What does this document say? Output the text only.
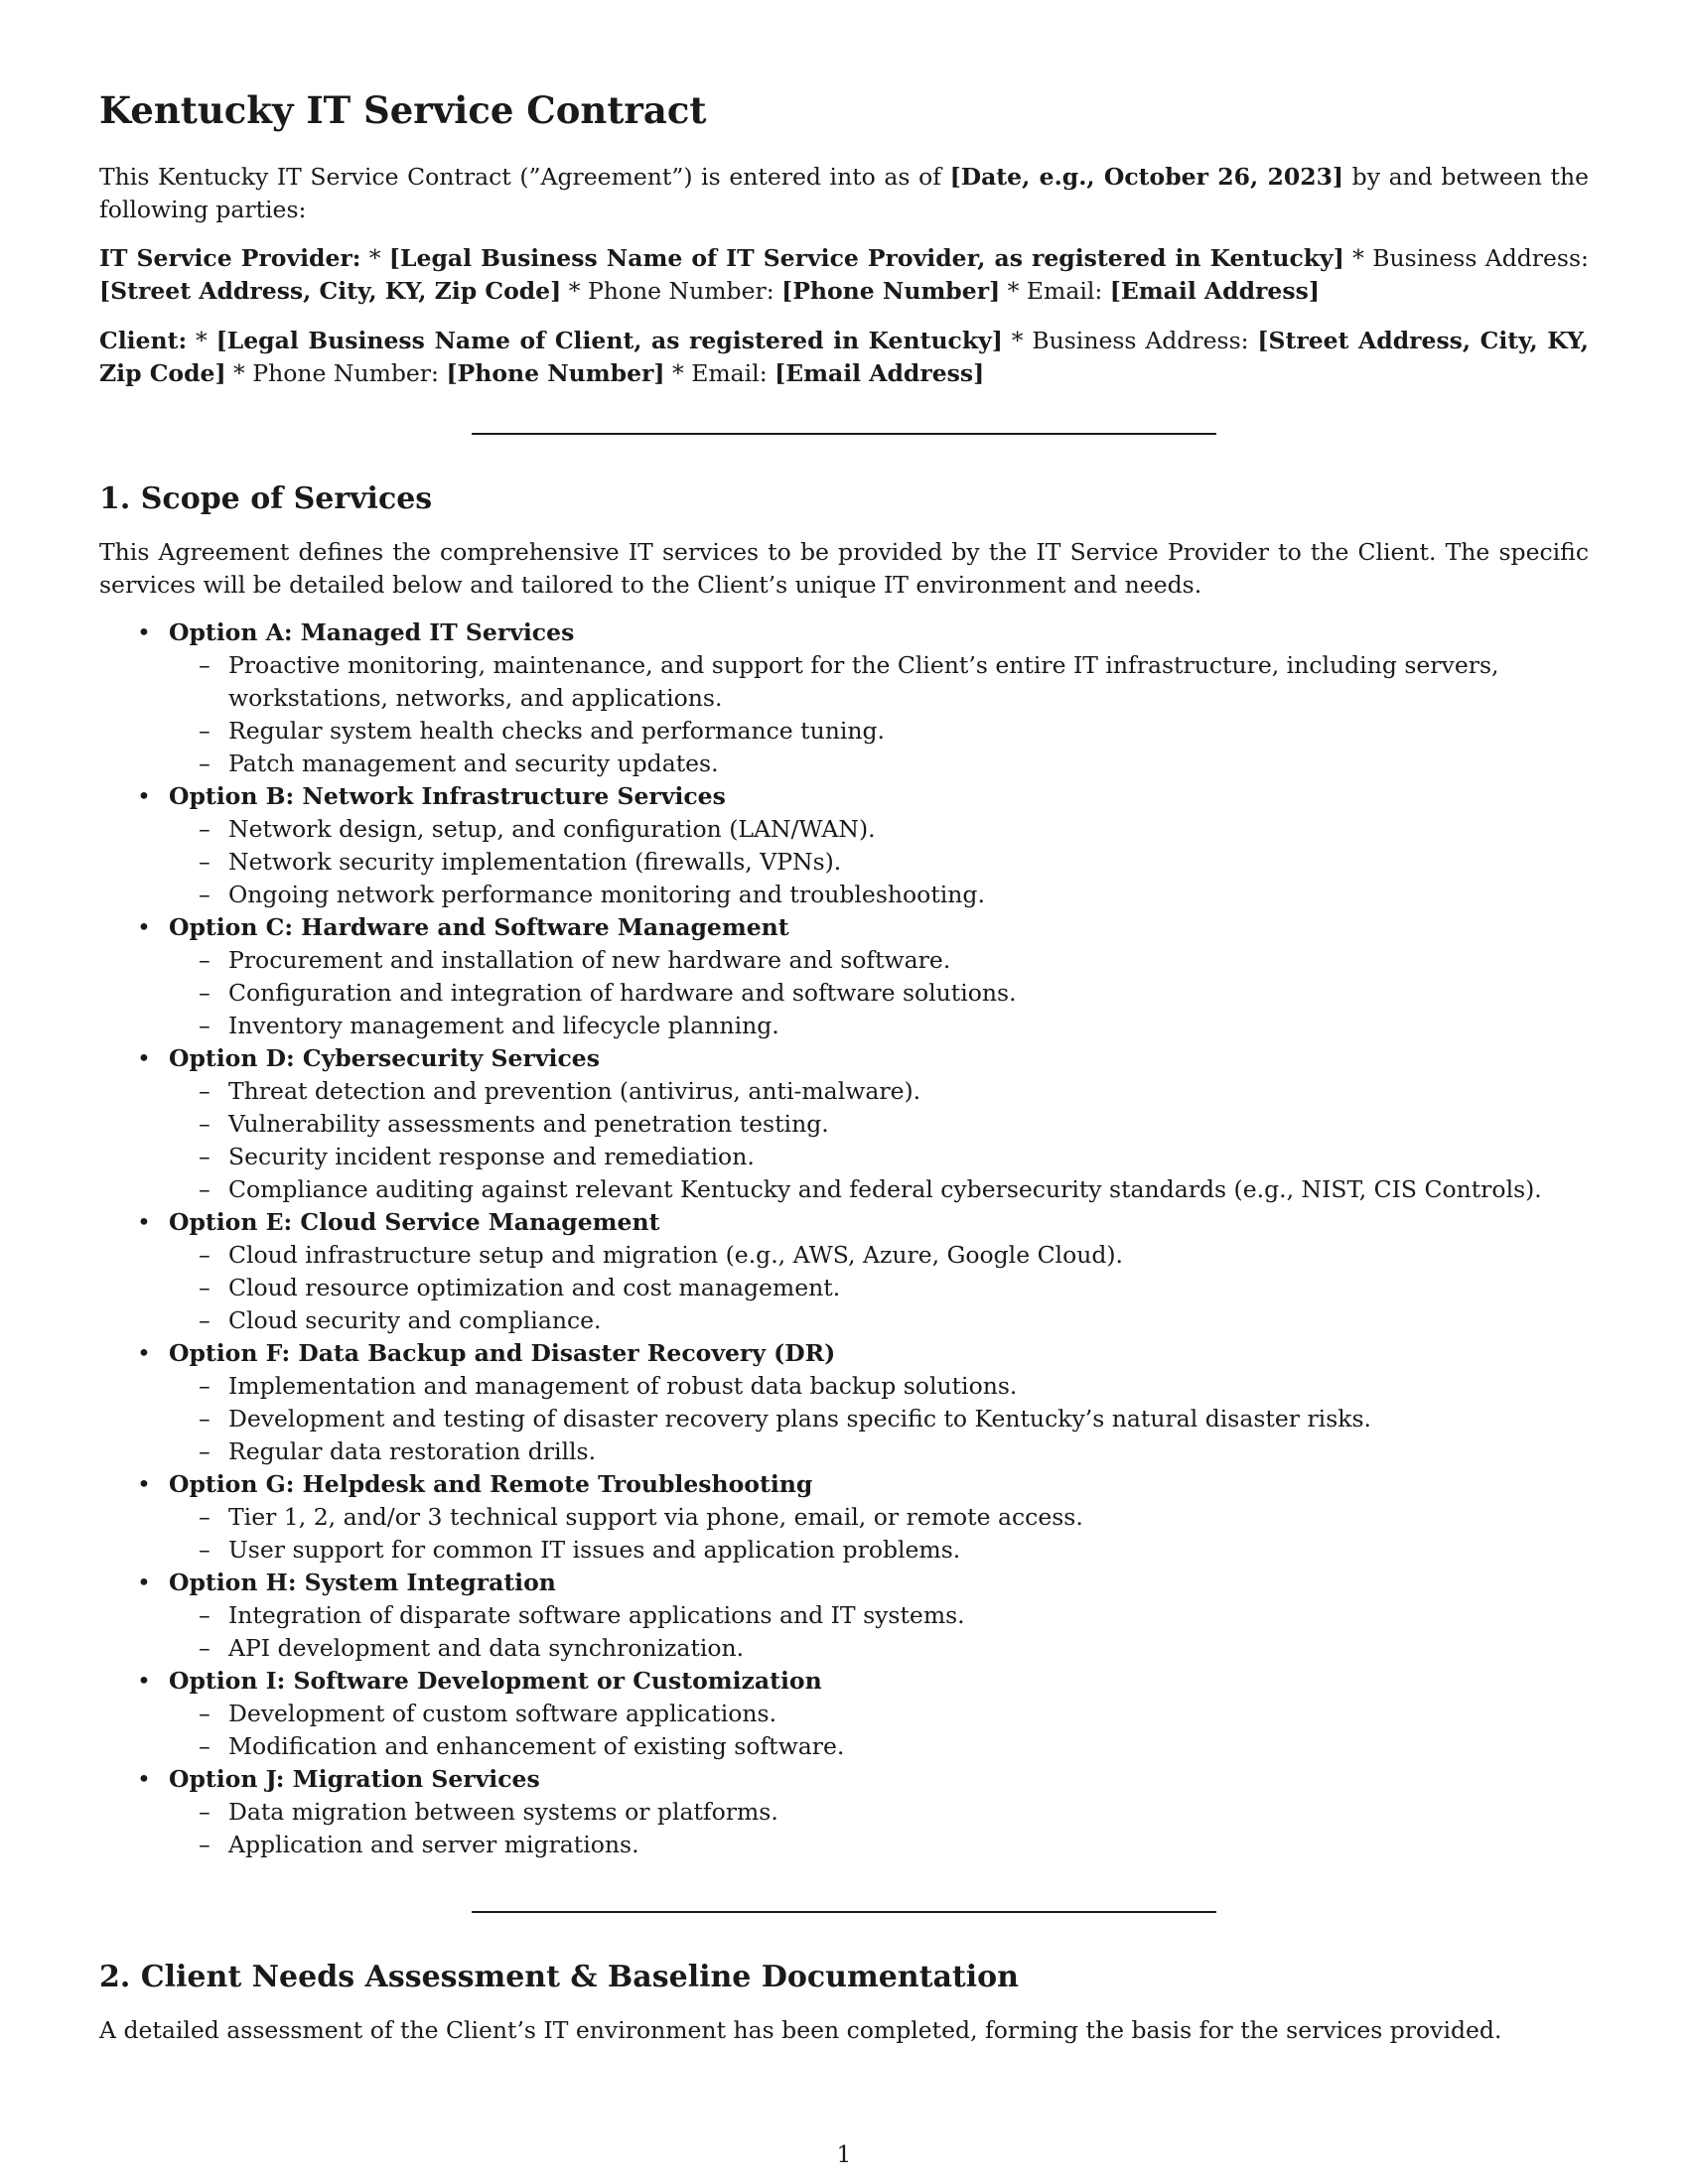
Kentucky IT Service Contract

This Kentucky IT Service Contract (”Agreement”) is entered into as of [Date, e.g., October 26, 2023] by and between the following parties:

IT Service Provider: * [Legal Business Name of IT Service Provider, as registered in Kentucky] * Business Address: [Street Address, City, KY, Zip Code] * Phone Number: [Phone Number] * Email: [Email Address]

Client: * [Legal Business Name of Client, as registered in Kentucky] * Business Address: [Street Address, City, KY, Zip Code] * Phone Number: [Phone Number] * Email: [Email Address]

1. Scope of Services

This Agreement defines the comprehensive IT services to be provided by the IT Service Provider to the Client. The specific services will be detailed below and tailored to the Client’s unique IT environment and needs.

• Option A: Managed IT Services
– Proactive monitoring, maintenance, and support for the Client’s entire IT infrastructure, including servers, workstations, networks, and applications.
– Regular system health checks and performance tuning.
– Patch management and security updates.
• Option B: Network Infrastructure Services
– Network design, setup, and configuration (LAN/WAN).
– Network security implementation (firewalls, VPNs).
– Ongoing network performance monitoring and troubleshooting.
• Option C: Hardware and Software Management
– Procurement and installation of new hardware and software.
– Configuration and integration of hardware and software solutions.
– Inventory management and lifecycle planning.
• Option D: Cybersecurity Services
– Threat detection and prevention (antivirus, anti-malware).
– Vulnerability assessments and penetration testing.
– Security incident response and remediation.
– Compliance auditing against relevant Kentucky and federal cybersecurity standards (e.g., NIST, CIS Controls).
• Option E: Cloud Service Management
– Cloud infrastructure setup and migration (e.g., AWS, Azure, Google Cloud).
– Cloud resource optimization and cost management.
– Cloud security and compliance.
• Option F: Data Backup and Disaster Recovery (DR)
– Implementation and management of robust data backup solutions.
– Development and testing of disaster recovery plans specific to Kentucky’s natural disaster risks.
– Regular data restoration drills.
• Option G: Helpdesk and Remote Troubleshooting
– Tier 1, 2, and/or 3 technical support via phone, email, or remote access.
– User support for common IT issues and application problems.
• Option H: System Integration
– Integration of disparate software applications and IT systems.
– API development and data synchronization.
• Option I: Software Development or Customization
– Development of custom software applications.
– Modification and enhancement of existing software.
• Option J: Migration Services
– Data migration between systems or platforms.
– Application and server migrations.
2. Client Needs Assessment & Baseline Documentation

A detailed assessment of the Client’s IT environment has been completed, forming the basis for the services provided.

1
